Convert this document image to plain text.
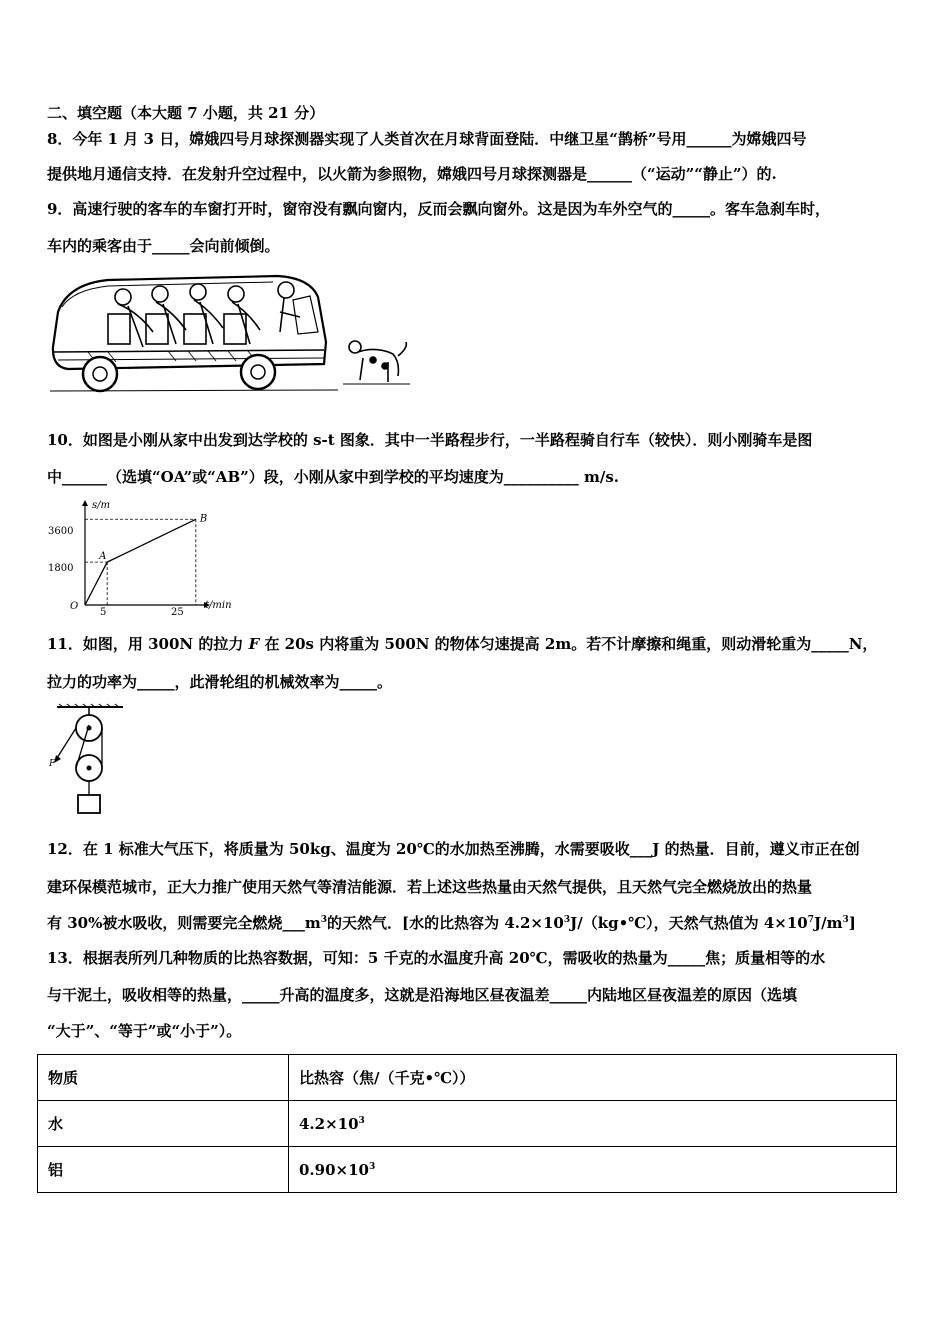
二、填空题（本大题 7 小题，共 21 分）
8．今年 1 月 3 日，嫦娥四号月球探测器实现了人类首次在月球背面登陆．中继卫星“鹊桥”号用______为嫦娥四号
提供地月通信支持．在发射升空过程中，以火箭为参照物，嫦娥四号月球探测器是______（“运动”“静止”）的.
9．高速行驶的客车的车窗打开时，窗帘没有飘向窗内，反而会飘向窗外。这是因为车外空气的_____。客车急刹车时，
车内的乘客由于_____会向前倾倒。
10．如图是小刚从家中出发到达学校的 s-t 图象．其中一半路程步行，一半路程骑自行车（较快）．则小刚骑车是图
中______（选填“OA”或“AB”）段，小刚从家中到学校的平均速度为__________ m/s.
s/m
t/min
O
3600
1800
5	25
A
B
11．如图，用 300N 的拉力 F 在 20s 内将重为 500N 的物体匀速提高 2m。若不计摩擦和绳重，则动滑轮重为_____N，
拉力的功率为_____，此滑轮组的机械效率为_____。
F
12．在 1 标准大气压下，将质量为 50kg、温度为 20℃的水加热至沸腾，水需要吸收___J 的热量．目前，遵义市正在创
建环保模范城市，正大力推广使用天然气等清洁能源．若上述这些热量由天然气提供，且天然气完全燃烧放出的热量
有 30%被水吸收，则需要完全燃烧$\_\_\_m^3$的天然气．[水的比热容为 $4.2\times 10^3J/(kg•℃)$，天然气热值为 $4\times 10^7J/m^3$]
13．根据表所列几种物质的比热容数据，可知：5 千克的水温度升高 20℃，需吸收的热量为_____焦；质量相等的水
与干泥土，吸收相等的热量，_____升高的温度多，这就是沿海地区昼夜温差_____内陆地区昼夜温差的原因（选填
“大于”、“等于”或“小于”）。
物质	比热容（焦/（千克•℃））
水	$4.2\times 10^3$
铝	$0.90\times 10^3$
